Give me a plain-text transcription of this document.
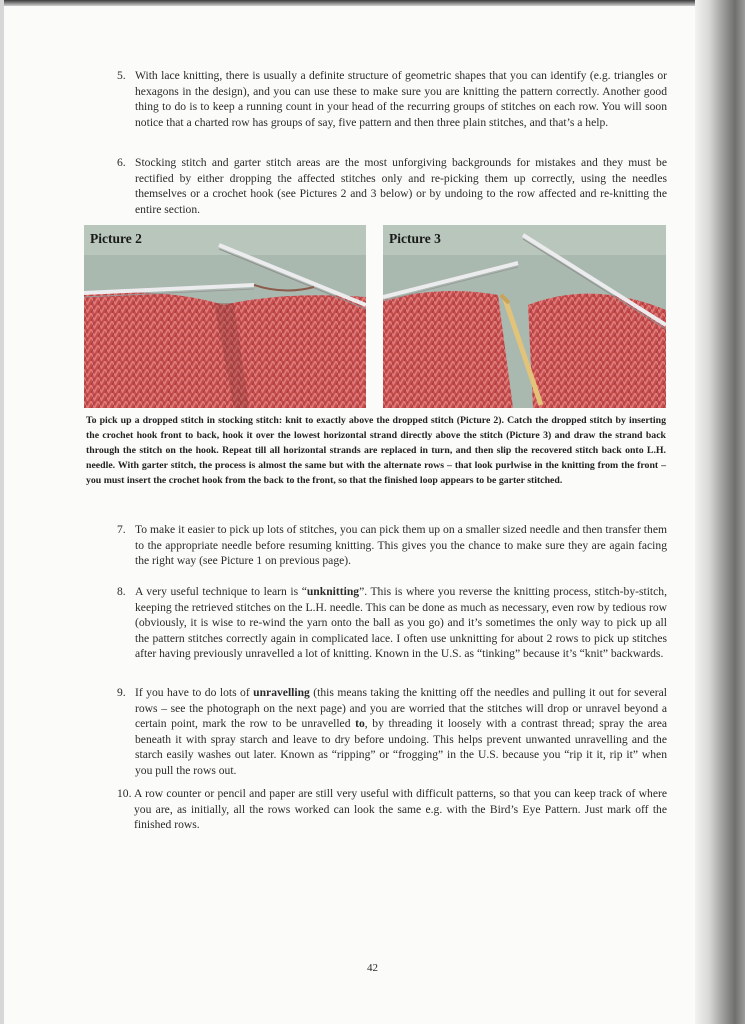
5. With lace knitting, there is usually a definite structure of geometric shapes that you can identify (e.g. triangles or hexagons in the design), and you can use these to make sure you are knitting the pattern correctly. Another good thing to do is to keep a running count in your head of the recurring groups of stitches on each row. You will soon notice that a charted row has groups of say, five pattern and then three plain stitches, and that’s a help.
6. Stocking stitch and garter stitch areas are the most unforgiving backgrounds for mistakes and they must be rectified by either dropping the affected stitches only and re-picking them up correctly, using the needles themselves or a crochet hook (see Pictures 2 and 3 below) or by undoing to the row affected and re-knitting the entire section.
Picture 2	Picture 3
To pick up a dropped stitch in stocking stitch: knit to exactly above the dropped stitch (Picture 2). Catch the dropped stitch by inserting the crochet hook front to back, hook it over the lowest horizontal strand directly above the stitch (Picture 3) and draw the strand back through the stitch on the hook. Repeat till all horizontal strands are replaced in turn, and then slip the recovered stitch back onto L.H. needle. With garter stitch, the process is almost the same but with the alternate rows – that look purlwise in the knitting from the front – you must insert the crochet hook from the back to the front, so that the finished loop appears to be garter stitched.
7. To make it easier to pick up lots of stitches, you can pick them up on a smaller sized needle and then transfer them to the appropriate needle before resuming knitting. This gives you the chance to make sure they are again facing the right way (see Picture 1 on previous page).
8. A very useful technique to learn is “unknitting”. This is where you reverse the knitting process, stitch-by-stitch, keeping the retrieved stitches on the L.H. needle. This can be done as much as necessary, even row by tedious row (obviously, it is wise to re-wind the yarn onto the ball as you go) and it’s sometimes the only way to pick up all the pattern stitches correctly again in complicated lace. I often use unknitting for about 2 rows to pick up stitches after having previously unravelled a lot of knitting. Known in the U.S. as “tinking” because it’s “knit” backwards.
9. If you have to do lots of unravelling (this means taking the knitting off the needles and pulling it out for several rows – see the photograph on the next page) and you are worried that the stitches will drop or unravel beyond a certain point, mark the row to be unravelled to, by threading it loosely with a contrast thread; spray the area beneath it with spray starch and leave to dry before undoing. This helps prevent unwanted unravelling and the starch easily washes out later. Known as “ripping” or “frogging” in the U.S. because you “rip it it, rip it” when you pull the rows out.
10. A row counter or pencil and paper are still very useful with difficult patterns, so that you can keep track of where you are, as initially, all the rows worked can look the same e.g. with the Bird’s Eye Pattern. Just mark off the finished rows.
42
